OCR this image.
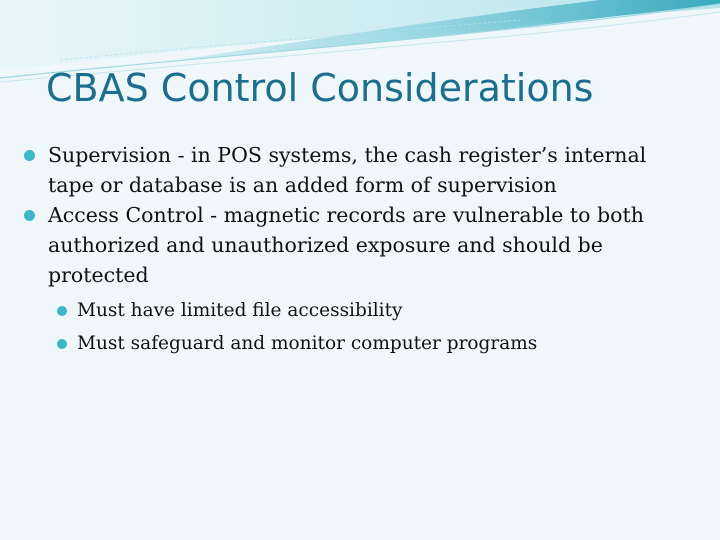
CBAS Control Considerations
Supervision - in POS systems, the cash register’s internal tape or database is an added form of supervision
Access Control - magnetic records are vulnerable to both authorized and unauthorized exposure and should be protected
Must have limited file accessibility
Must safeguard and monitor computer programs
